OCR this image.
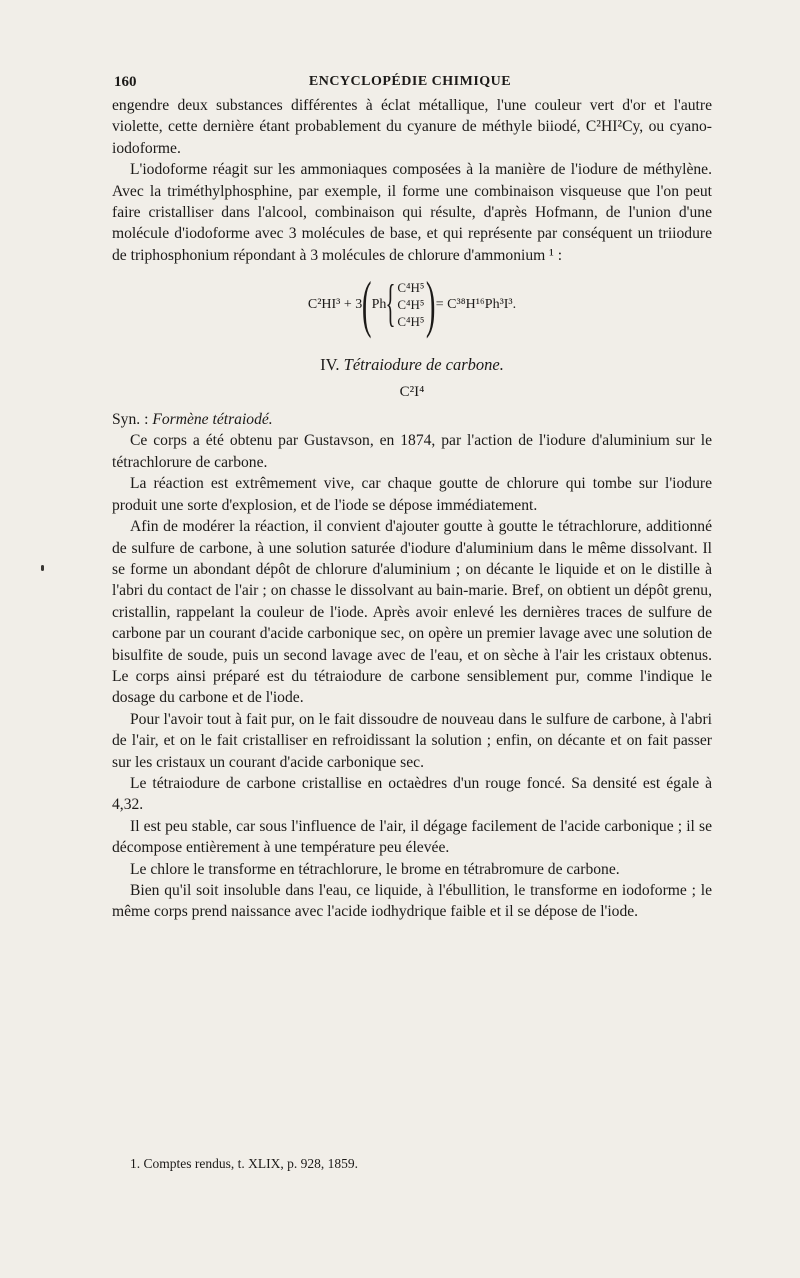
160	ENCYCLOPÉDIE CHIMIQUE

engendre deux substances différentes à éclat métallique, l'une couleur vert d'or et l'autre violette, cette dernière étant probablement du cyanure de méthyle biiodé, C²HI²Cy, ou cyano-iodoforme.

L'iodoforme réagit sur les ammoniaques composées à la manière de l'iodure de méthylène. Avec la triméthylphosphine, par exemple, il forme une combinaison visqueuse que l'on peut faire cristalliser dans l'alcool, combinaison qui résulte, d'après Hofmann, de l'union d'une molécule d'iodoforme avec 3 molécules de base, et qui représente par conséquent un triiodure de triphosphonium répondant à 3 molécules de chlorure d'ammonium ¹ :

C²HI³ + 3 ( Ph { C⁴H⁵
C⁴H⁵
C⁴H⁵ ) = C³⁸H¹⁶Ph³I³.
IV. Tétraiodure de carbone.
C²I⁴

Syn. : Formène tétraiodé.

Ce corps a été obtenu par Gustavson, en 1874, par l'action de l'iodure d'aluminium sur le tétrachlorure de carbone.

La réaction est extrêmement vive, car chaque goutte de chlorure qui tombe sur l'iodure produit une sorte d'explosion, et de l'iode se dépose immédiatement.

Afin de modérer la réaction, il convient d'ajouter goutte à goutte le tétrachlorure, additionné de sulfure de carbone, à une solution saturée d'iodure d'aluminium dans le même dissolvant. Il se forme un abondant dépôt de chlorure d'aluminium ; on décante le liquide et on le distille à l'abri du contact de l'air ; on chasse le dissolvant au bain-marie. Bref, on obtient un dépôt grenu, cristallin, rappelant la couleur de l'iode. Après avoir enlevé les dernières traces de sulfure de carbone par un courant d'acide carbonique sec, on opère un premier lavage avec une solution de bisulfite de soude, puis un second lavage avec de l'eau, et on sèche à l'air les cristaux obtenus. Le corps ainsi préparé est du tétraiodure de carbone sensiblement pur, comme l'indique le dosage du carbone et de l'iode.

Pour l'avoir tout à fait pur, on le fait dissoudre de nouveau dans le sulfure de carbone, à l'abri de l'air, et on le fait cristalliser en refroidissant la solution ; enfin, on décante et on fait passer sur les cristaux un courant d'acide carbonique sec.

Le tétraiodure de carbone cristallise en octaèdres d'un rouge foncé. Sa densité est égale à 4,32.

Il est peu stable, car sous l'influence de l'air, il dégage facilement de l'acide carbonique ; il se décompose entièrement à une température peu élevée.

Le chlore le transforme en tétrachlorure, le brome en tétrabromure de carbone.

Bien qu'il soit insoluble dans l'eau, ce liquide, à l'ébullition, le transforme en iodoforme ; le même corps prend naissance avec l'acide iodhydrique faible et il se dépose de l'iode.

1. Comptes rendus, t. XLIX, p. 928, 1859.
